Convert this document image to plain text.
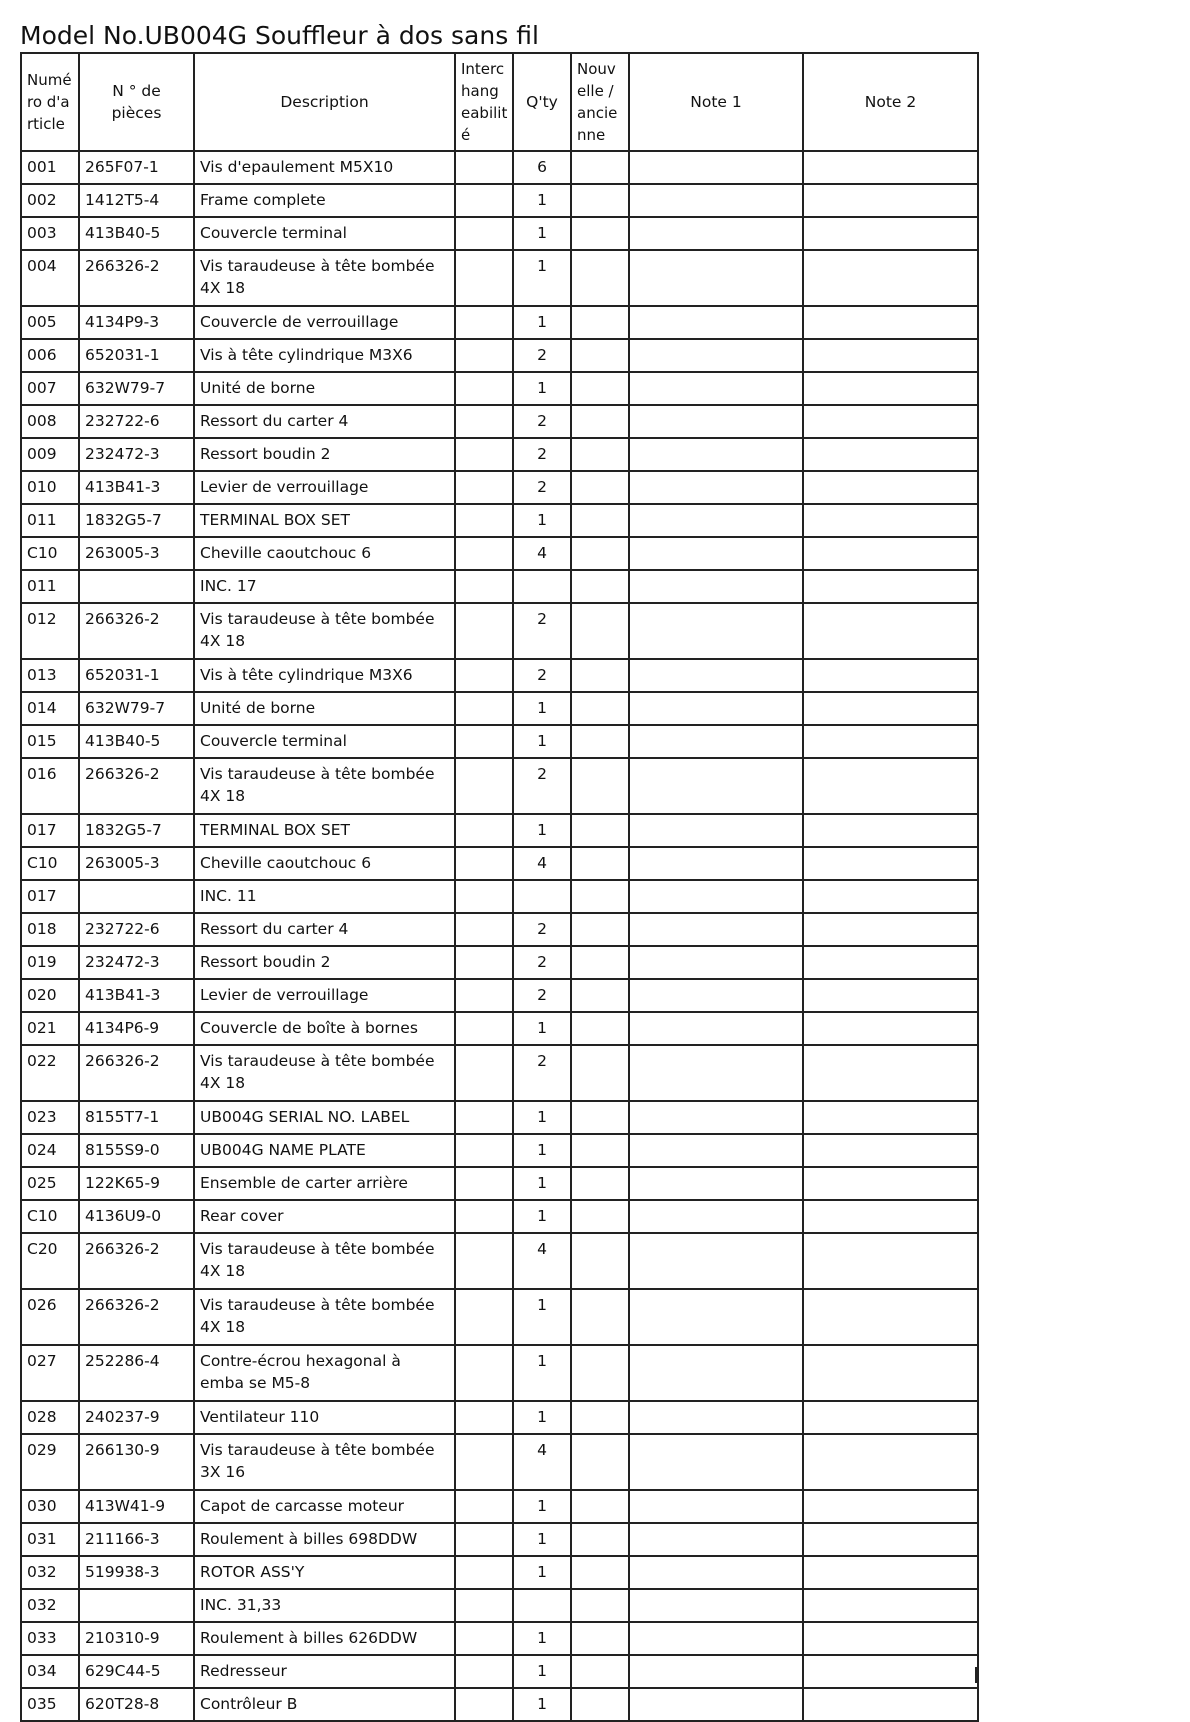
Model No.UB004G Souffleur à dos sans fil
Numé ro d'a rticle	N ° de pièces	Description	Interc hang eabilit é	Q'ty	Nouv elle / ancie nne	Note 1	Note 2
001	265F07-1	Vis d'epaulement M5X10		6			
002	1412T5-4	Frame complete		1			
003	413B40-5	Couvercle terminal		1			
004	266326-2	Vis taraudeuse à tête bombée 4X 18		1			
005	4134P9-3	Couvercle de verrouillage		1			
006	652031-1	Vis à tête cylindrique M3X6		2			
007	632W79-7	Unité de borne		1			
008	232722-6	Ressort du carter 4		2			
009	232472-3	Ressort boudin 2		2			
010	413B41-3	Levier de verrouillage		2			
011	1832G5-7	TERMINAL BOX SET		1			
C10	263005-3	Cheville caoutchouc 6		4			
011		INC. 17					
012	266326-2	Vis taraudeuse à tête bombée 4X 18		2			
013	652031-1	Vis à tête cylindrique M3X6		2			
014	632W79-7	Unité de borne		1			
015	413B40-5	Couvercle terminal		1			
016	266326-2	Vis taraudeuse à tête bombée 4X 18		2			
017	1832G5-7	TERMINAL BOX SET		1			
C10	263005-3	Cheville caoutchouc 6		4			
017		INC. 11					
018	232722-6	Ressort du carter 4		2			
019	232472-3	Ressort boudin 2		2			
020	413B41-3	Levier de verrouillage		2			
021	4134P6-9	Couvercle de boîte à bornes		1			
022	266326-2	Vis taraudeuse à tête bombée 4X 18		2			
023	8155T7-1	UB004G SERIAL NO. LABEL		1			
024	8155S9-0	UB004G NAME PLATE		1			
025	122K65-9	Ensemble de carter arrière		1			
C10	4136U9-0	Rear cover		1			
C20	266326-2	Vis taraudeuse à tête bombée 4X 18		4			
026	266326-2	Vis taraudeuse à tête bombée 4X 18		1			
027	252286-4	Contre-écrou hexagonal à emba se M5-8		1			
028	240237-9	Ventilateur 110		1			
029	266130-9	Vis taraudeuse à tête bombée 3X 16		4			
030	413W41-9	Capot de carcasse moteur		1			
031	211166-3	Roulement à billes 698DDW		1			
032	519938-3	ROTOR ASS'Y		1			
032		INC. 31,33					
033	210310-9	Roulement à billes 626DDW		1			
034	629C44-5	Redresseur		1			
035	620T28-8	Contrôleur B		1			
